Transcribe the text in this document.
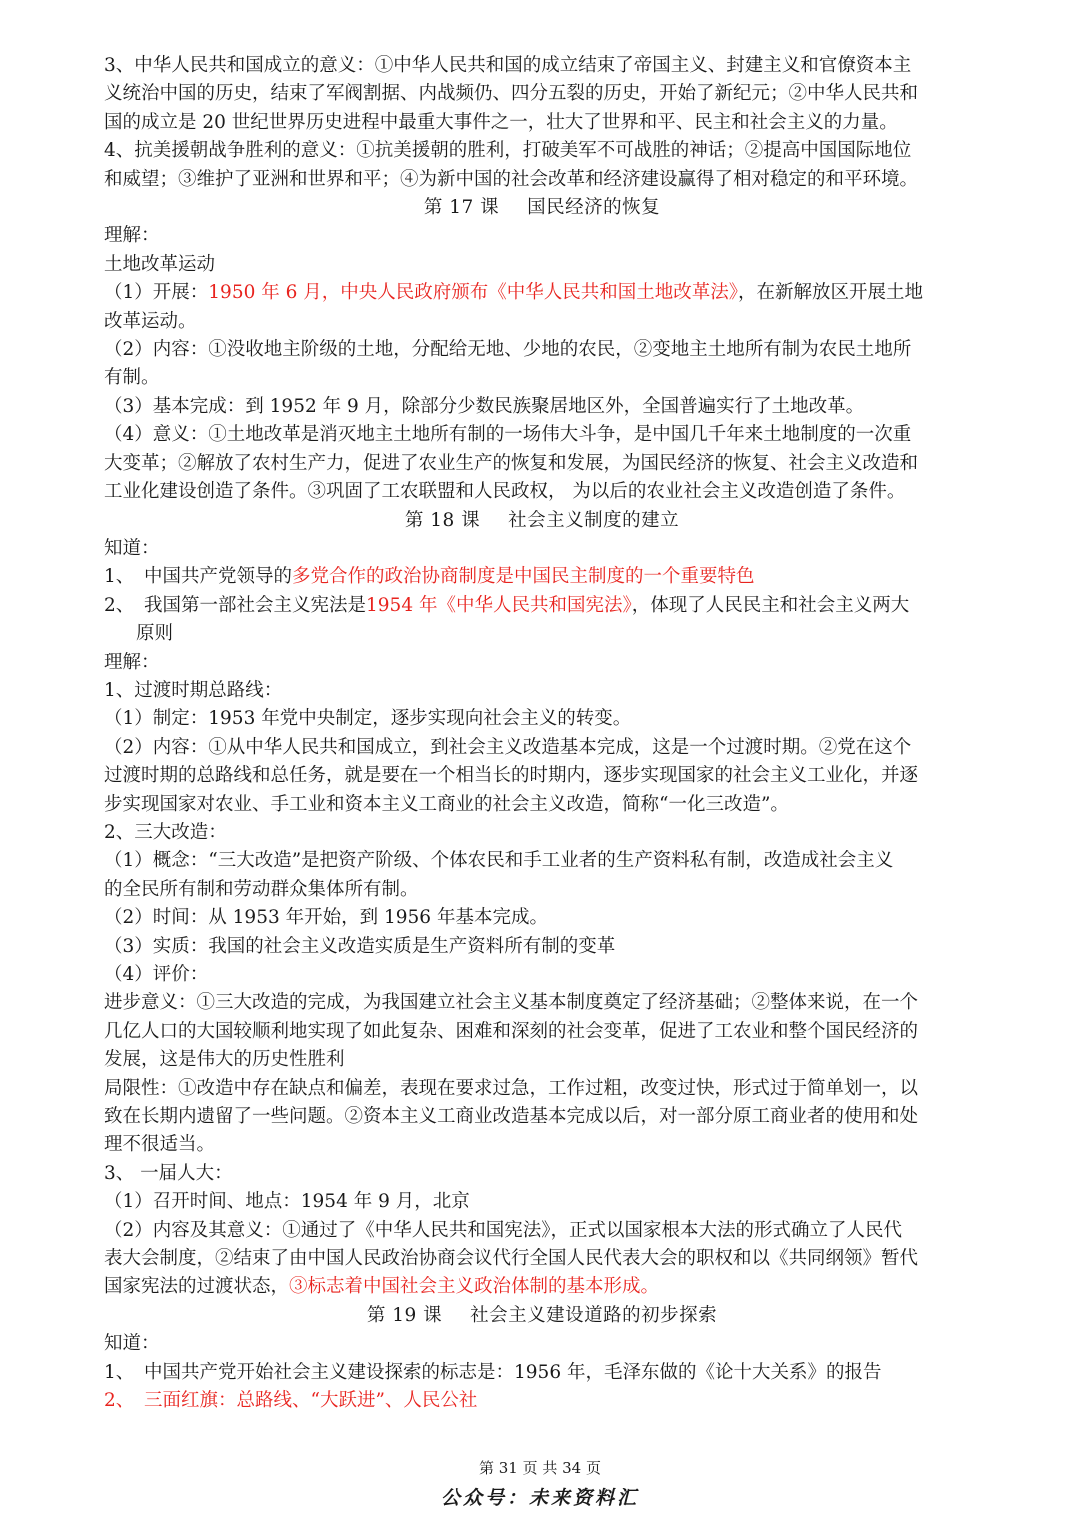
3、中华人民共和国成立的意义：①中华人民共和国的成立结束了帝国主义、封建主义和官僚资本主

义统治中国的历史，结束了军阀割据、内战频仍、四分五裂的历史，开始了新纪元；②中华人民共和

国的成立是 20 世纪世界历史进程中最重大事件之一，壮大了世界和平、民主和社会主义的力量。

4、抗美援朝战争胜利的意义：①抗美援朝的胜利，打破美军不可战胜的神话；②提高中国国际地位

和威望；③维护了亚洲和世界和平；④为新中国的社会改革和经济建设赢得了相对稳定的和平环境。

第 17 课 国民经济的恢复

理解：

土地改革运动

（1）开展：1950 年 6 月，中央人民政府颁布《中华人民共和国土地改革法》，在新解放区开展土地

改革运动。

（2）内容：①没收地主阶级的土地，分配给无地、少地的农民，②变地主土地所有制为农民土地所

有制。

（3）基本完成：到 1952 年 9 月，除部分少数民族聚居地区外，全国普遍实行了土地改革。

（4）意义：①土地改革是消灭地主土地所有制的一场伟大斗争，是中国几千年来土地制度的一次重

大变革；②解放了农村生产力，促进了农业生产的恢复和发展，为国民经济的恢复、社会主义改造和

工业化建设创造了条件。③巩固了工农联盟和人民政权， 为以后的农业社会主义改造创造了条件。

第 18 课 社会主义制度的建立

知道：

1、 中国共产党领导的多党合作的政治协商制度是中国民主制度的一个重要特色

2、 我国第一部社会主义宪法是1954 年《中华人民共和国宪法》，体现了人民民主和社会主义两大

原则

理解：

1、过渡时期总路线：

（1）制定：1953 年党中央制定，逐步实现向社会主义的转变。

（2）内容：①从中华人民共和国成立，到社会主义改造基本完成，这是一个过渡时期。②党在这个

过渡时期的总路线和总任务，就是要在一个相当长的时期内，逐步实现国家的社会主义工业化，并逐

步实现国家对农业、手工业和资本主义工商业的社会主义改造，简称“一化三改造”。

2、三大改造：

（1）概念：“三大改造”是把资产阶级、个体农民和手工业者的生产资料私有制，改造成社会主义

的全民所有制和劳动群众集体所有制。

（2）时间：从 1953 年开始，到 1956 年基本完成。

（3）实质：我国的社会主义改造实质是生产资料所有制的变革

（4）评价：

进步意义：①三大改造的完成，为我国建立社会主义基本制度奠定了经济基础；②整体来说，在一个

几亿人口的大国较顺利地实现了如此复杂、困难和深刻的社会变革，促进了工农业和整个国民经济的

发展，这是伟大的历史性胜利

局限性：①改造中存在缺点和偏差，表现在要求过急，工作过粗，改变过快，形式过于简单划一，以

致在长期内遗留了一些问题。②资本主义工商业改造基本完成以后，对一部分原工商业者的使用和处

理不很适当。

3、 一届人大：

（1）召开时间、地点：1954 年 9 月，北京

（2）内容及其意义：①通过了《中华人民共和国宪法》，正式以国家根本大法的形式确立了人民代

表大会制度，②结束了由中国人民政治协商会议代行全国人民代表大会的职权和以《共同纲领》暂代

国家宪法的过渡状态，③标志着中国社会主义政治体制的基本形成。

第 19 课 社会主义建设道路的初步探索

知道：

1、 中国共产党开始社会主义建设探索的标志是：1956 年，毛泽东做的《论十大关系》的报告

2、 三面红旗：总路线、“大跃进”、人民公社

第 31 页 共 34 页
公众号：未来资料汇
